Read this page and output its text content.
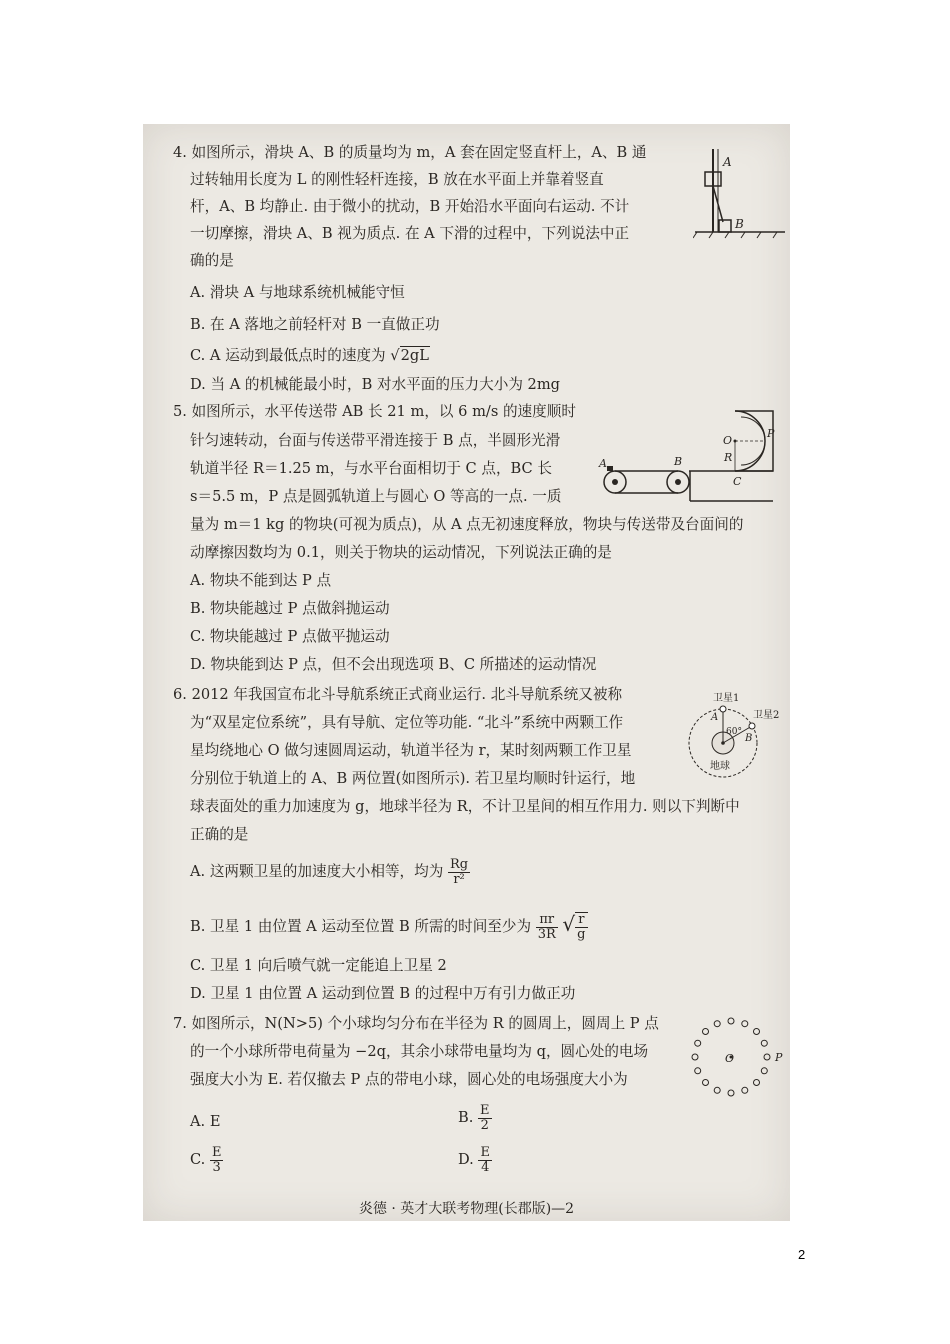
4. 如图所示，滑块 A、B 的质量均为 m，A 套在固定竖直杆上，A、B 通
过转轴用长度为 L 的刚性轻杆连接，B 放在水平面上并靠着竖直
杆，A、B 均静止. 由于微小的扰动，B 开始沿水平面向右运动. 不计
一切摩擦，滑块 A、B 视为质点. 在 A 下滑的过程中，下列说法中正
确的是
A. 滑块 A 与地球系统机械能守恒
B. 在 A 落地之前轻杆对 B 一直做正功
C. A 运动到最低点时的速度为 √2gL
D. 当 A 的机械能最小时，B 对水平面的压力大小为 2mg
A
B
5. 如图所示，水平传送带 AB 长 21 m，以 6 m/s 的速度顺时
针匀速转动，台面与传送带平滑连接于 B 点，半圆形光滑
轨道半径 R＝1.25 m，与水平台面相切于 C 点，BC 长
s＝5.5 m，P 点是圆弧轨道上与圆心 O 等高的一点. 一质
量为 m＝1 kg 的物块(可视为质点)，从 A 点无初速度释放，物块与传送带及台面间的
动摩擦因数均为 0.1，则关于物块的运动情况，下列说法正确的是
A. 物块不能到达 P 点
B. 物块能越过 P 点做斜抛运动
C. 物块能越过 P 点做平抛运动
D. 物块能到达 P 点，但不会出现选项 B、C 所描述的运动情况
O
P
R
A	B
C
6. 2012 年我国宣布北斗导航系统正式商业运行. 北斗导航系统又被称
为“双星定位系统”，具有导航、定位等功能. “北斗”系统中两颗工作
星均绕地心 O 做匀速圆周运动，轨道半径为 r，某时刻两颗工作卫星
分别位于轨道上的 A、B 两位置(如图所示). 若卫星均顺时针运行，地
球表面处的重力加速度为 g，地球半径为 R，不计卫星间的相互作用力. 则以下判断中
正确的是
A. 这两颗卫星的加速度大小相等，均为 $\frac{Rg}{\text{r²}}$
B. 卫星 1 由位置 A 运动至位置 B 所需的时间至少为 $\frac{\pi r}{3R}$ √ $\frac{r}{g}$
C. 卫星 1 向后喷气就一定能追上卫星 2
D. 卫星 1 由位置 A 运动到位置 B 的过程中万有引力做正功
卫星1
卫星2
A
B
60°
地球
7. 如图所示，N(N>5) 个小球均匀分布在半径为 R 的圆周上，圆周上 P 点
的一个小球所带电荷量为 −2q，其余小球带电量均为 q，圆心处的电场
强度大小为 E. 若仅撤去 P 点的带电小球，圆心处的电场强度大小为
A. E	B. $\frac{E}{2}$
C. $\frac{E}{3}$	D. $\frac{E}{4}$
O	P
炎德 · 英才大联考物理(长郡版)—2
2
